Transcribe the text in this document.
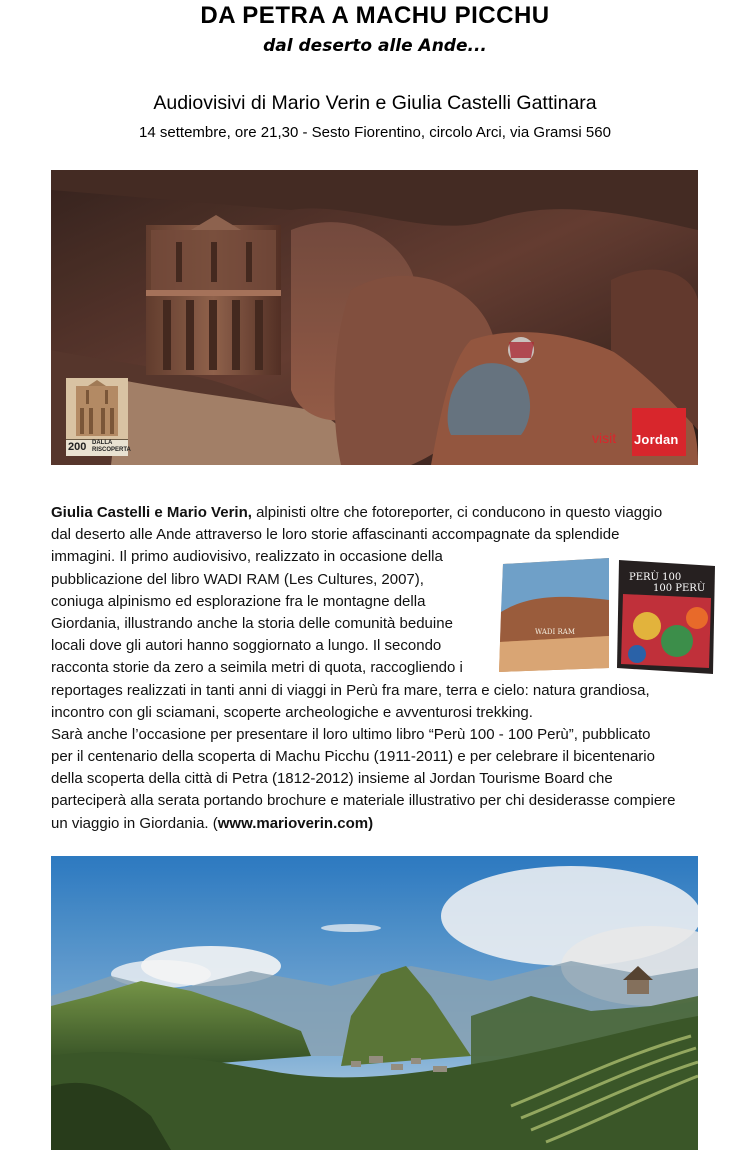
DA PETRA A MACHU PICCHU
dal deserto alle Ande...
Audiovisivi di Mario Verin e Giulia Castelli Gattinara
14 settembre, ore 21,30 - Sesto Fiorentino, circolo Arci, via Gramsi 560
200 DALLA
RISCOPERTA
visit Jordan
Giulia Castelli e Mario Verin, alpinisti oltre che fotoreporter, ci conducono in questo viaggio
dal deserto alle Ande attraverso le loro storie affascinanti accompagnate da splendide
immagini. Il primo audiovisivo, realizzato in occasione della
pubblicazione del libro WADI RAM (Les Cultures, 2007),
coniuga alpinismo ed esplorazione fra le montagne della
Giordania, illustrando anche la storia delle comunità beduine
locali dove gli autori hanno soggiornato a lungo. Il secondo
racconta storie da zero a seimila metri di quota, raccogliendo i
reportages realizzati in tanti anni di viaggi in Perù fra mare, terra e cielo: natura grandiosa,
incontro con gli sciamani, scoperte archeologiche e avventurosi trekking.
Sarà anche l’occasione per presentare il loro ultimo libro “Perù 100 - 100 Perù”, pubblicato
per il centenario della scoperta di Machu Picchu (1911-2011) e per celebrare il bicentenario
della scoperta della città di Petra (1812-2012) insieme al Jordan Tourisme Board che
parteciperà alla serata portando brochure e materiale illustrativo per chi desiderasse compiere
un viaggio in Giordania. (www.marioverin.com)
WADI RAM
PERÙ 100
100 PERÙ
